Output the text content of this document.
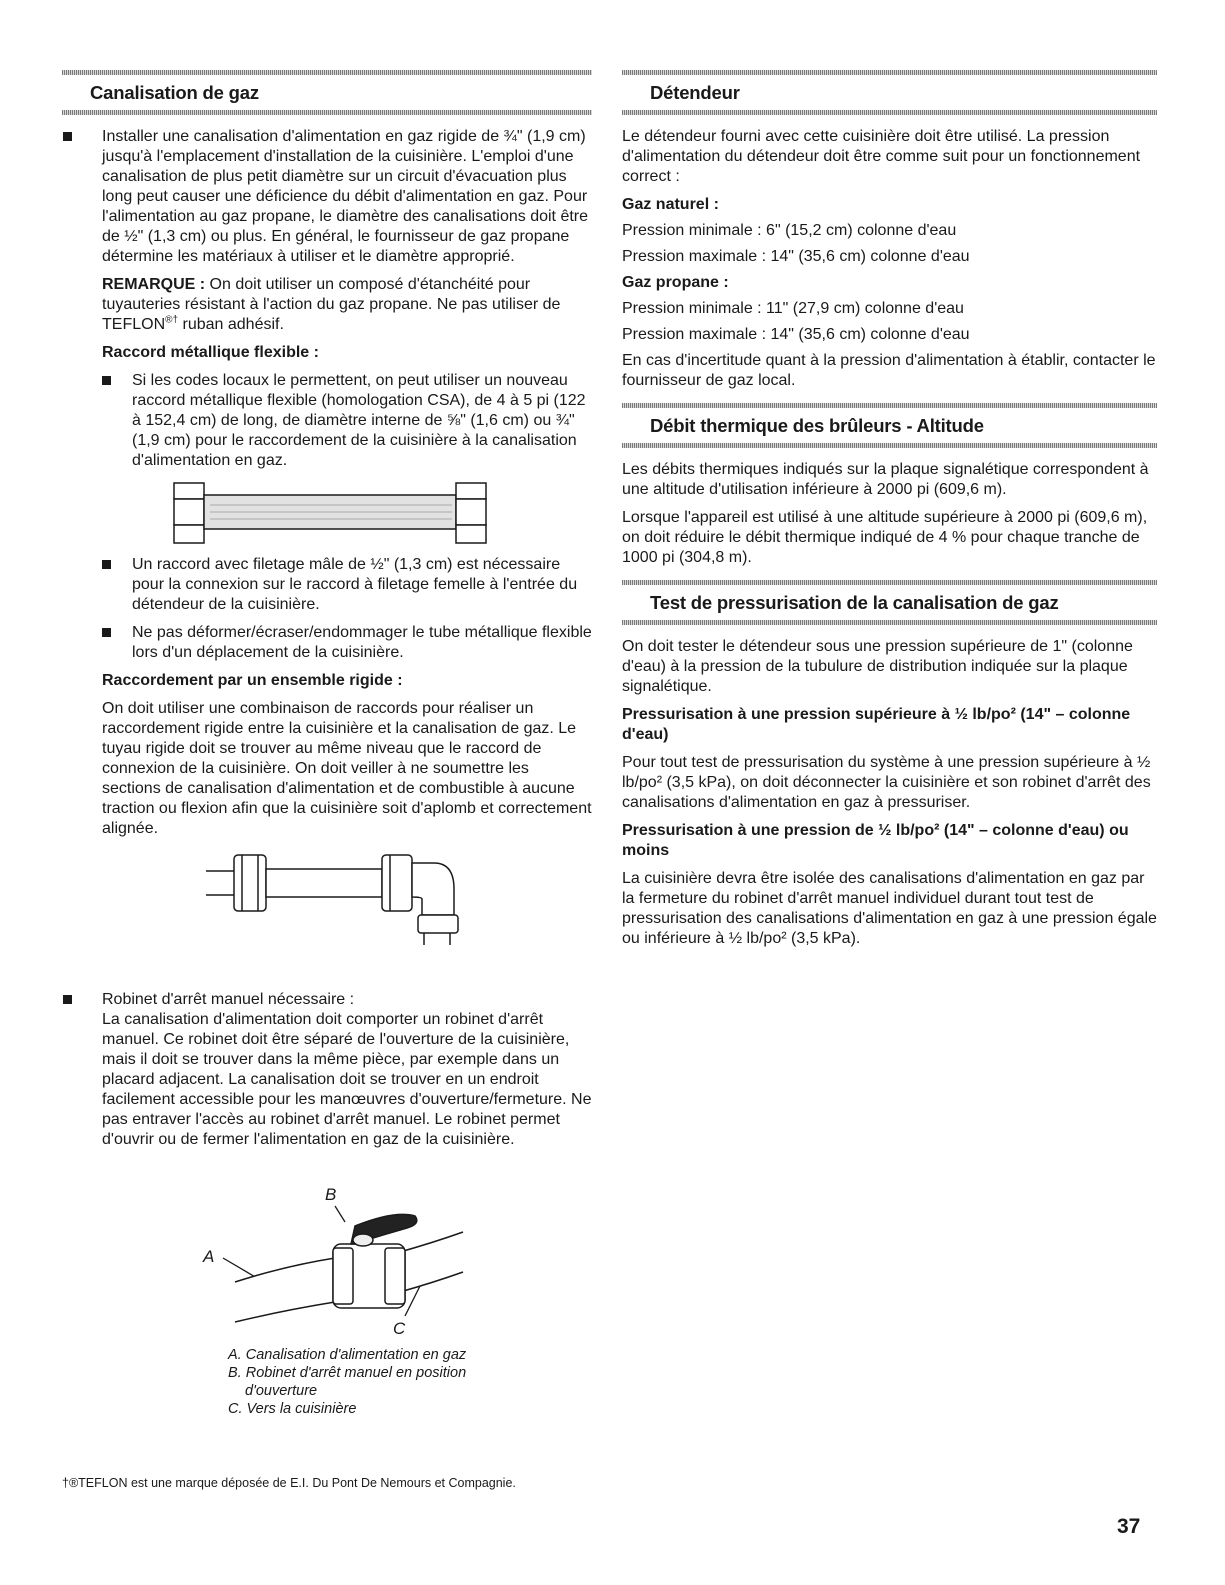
Canalisation de gaz
Installer une canalisation d'alimentation en gaz rigide de ¾" (1,9 cm) jusqu'à l'emplacement d'installation de la cuisinière. L'emploi d'une canalisation de plus petit diamètre sur un circuit d'évacuation plus long peut causer une déficience du débit d'alimentation en gaz. Pour l'alimentation au gaz propane, le diamètre des canalisations doit être de ½" (1,3 cm) ou plus. En général, le fournisseur de gaz propane détermine les matériaux à utiliser et le diamètre approprié.

REMARQUE : On doit utiliser un composé d'étanchéité pour tuyauteries résistant à l'action du gaz propane. Ne pas utiliser de TEFLON®† ruban adhésif.

Raccord métallique flexible :
Si les codes locaux le permettent, on peut utiliser un nouveau raccord métallique flexible (homologation CSA), de 4 à 5 pi (122 à 152,4 cm) de long, de diamètre interne de ⅝" (1,6 cm) ou ¾" (1,9 cm) pour le raccordement de la cuisinière à la canalisation d'alimentation en gaz.
Un raccord avec filetage mâle de ½" (1,3 cm) est nécessaire pour la connexion sur le raccord à filetage femelle à l'entrée du détendeur de la cuisinière.
Ne pas déformer/écraser/endommager le tube métallique flexible lors d'un déplacement de la cuisinière.
Raccordement par un ensemble rigide :

On doit utiliser une combinaison de raccords pour réaliser un raccordement rigide entre la cuisinière et la canalisation de gaz. Le tuyau rigide doit se trouver au même niveau que le raccord de connexion de la cuisinière. On doit veiller à ne soumettre les sections de canalisation d'alimentation et de combustible à aucune traction ou flexion afin que la cuisinière soit d'aplomb et correctement alignée.

Robinet d'arrêt manuel nécessaire :

La canalisation d'alimentation doit comporter un robinet d'arrêt manuel. Ce robinet doit être séparé de l'ouverture de la cuisinière, mais il doit se trouver dans la même pièce, par exemple dans un placard adjacent. La canalisation doit se trouver en un endroit facilement accessible pour les manœuvres d'ouverture/fermeture. Ne pas entraver l'accès au robinet d'arrêt manuel. Le robinet permet d'ouvrir ou de fermer l'alimentation en gaz de la cuisinière.

B
A
C
A. Canalisation d'alimentation en gaz
B. Robinet d'arrêt manuel en position
d'ouverture
C. Vers la cuisinière
Détendeur

Le détendeur fourni avec cette cuisinière doit être utilisé. La pression d'alimentation du détendeur doit être comme suit pour un fonctionnement correct :

Gaz naturel :

Pression minimale : 6" (15,2 cm) colonne d'eau

Pression maximale : 14" (35,6 cm) colonne d'eau

Gaz propane :

Pression minimale : 11" (27,9 cm) colonne d'eau

Pression maximale : 14" (35,6 cm) colonne d'eau

En cas d'incertitude quant à la pression d'alimentation à établir, contacter le fournisseur de gaz local.

Débit thermique des brûleurs - Altitude

Les débits thermiques indiqués sur la plaque signalétique correspondent à une altitude d'utilisation inférieure à 2000 pi (609,6 m).

Lorsque l'appareil est utilisé à une altitude supérieure à 2000 pi (609,6 m), on doit réduire le débit thermique indiqué de 4 % pour chaque tranche de 1000 pi (304,8 m).

Test de pressurisation de la canalisation de gaz

On doit tester le détendeur sous une pression supérieure de 1" (colonne d'eau) à la pression de la tubulure de distribution indiquée sur la plaque signalétique.

Pressurisation à une pression supérieure à ½ lb/po² (14" – colonne d'eau)

Pour tout test de pressurisation du système à une pression supérieure à ½ lb/po² (3,5 kPa), on doit déconnecter la cuisinière et son robinet d'arrêt des canalisations d'alimentation en gaz à pressuriser.

Pressurisation à une pression de ½ lb/po² (14" – colonne d'eau) ou moins

La cuisinière devra être isolée des canalisations d'alimentation en gaz par la fermeture du robinet d'arrêt manuel individuel durant tout test de pressurisation des canalisations d'alimentation en gaz à une pression égale ou inférieure à ½ lb/po² (3,5 kPa).

†®TEFLON est une marque déposée de E.I. Du Pont De Nemours et Compagnie.
37
